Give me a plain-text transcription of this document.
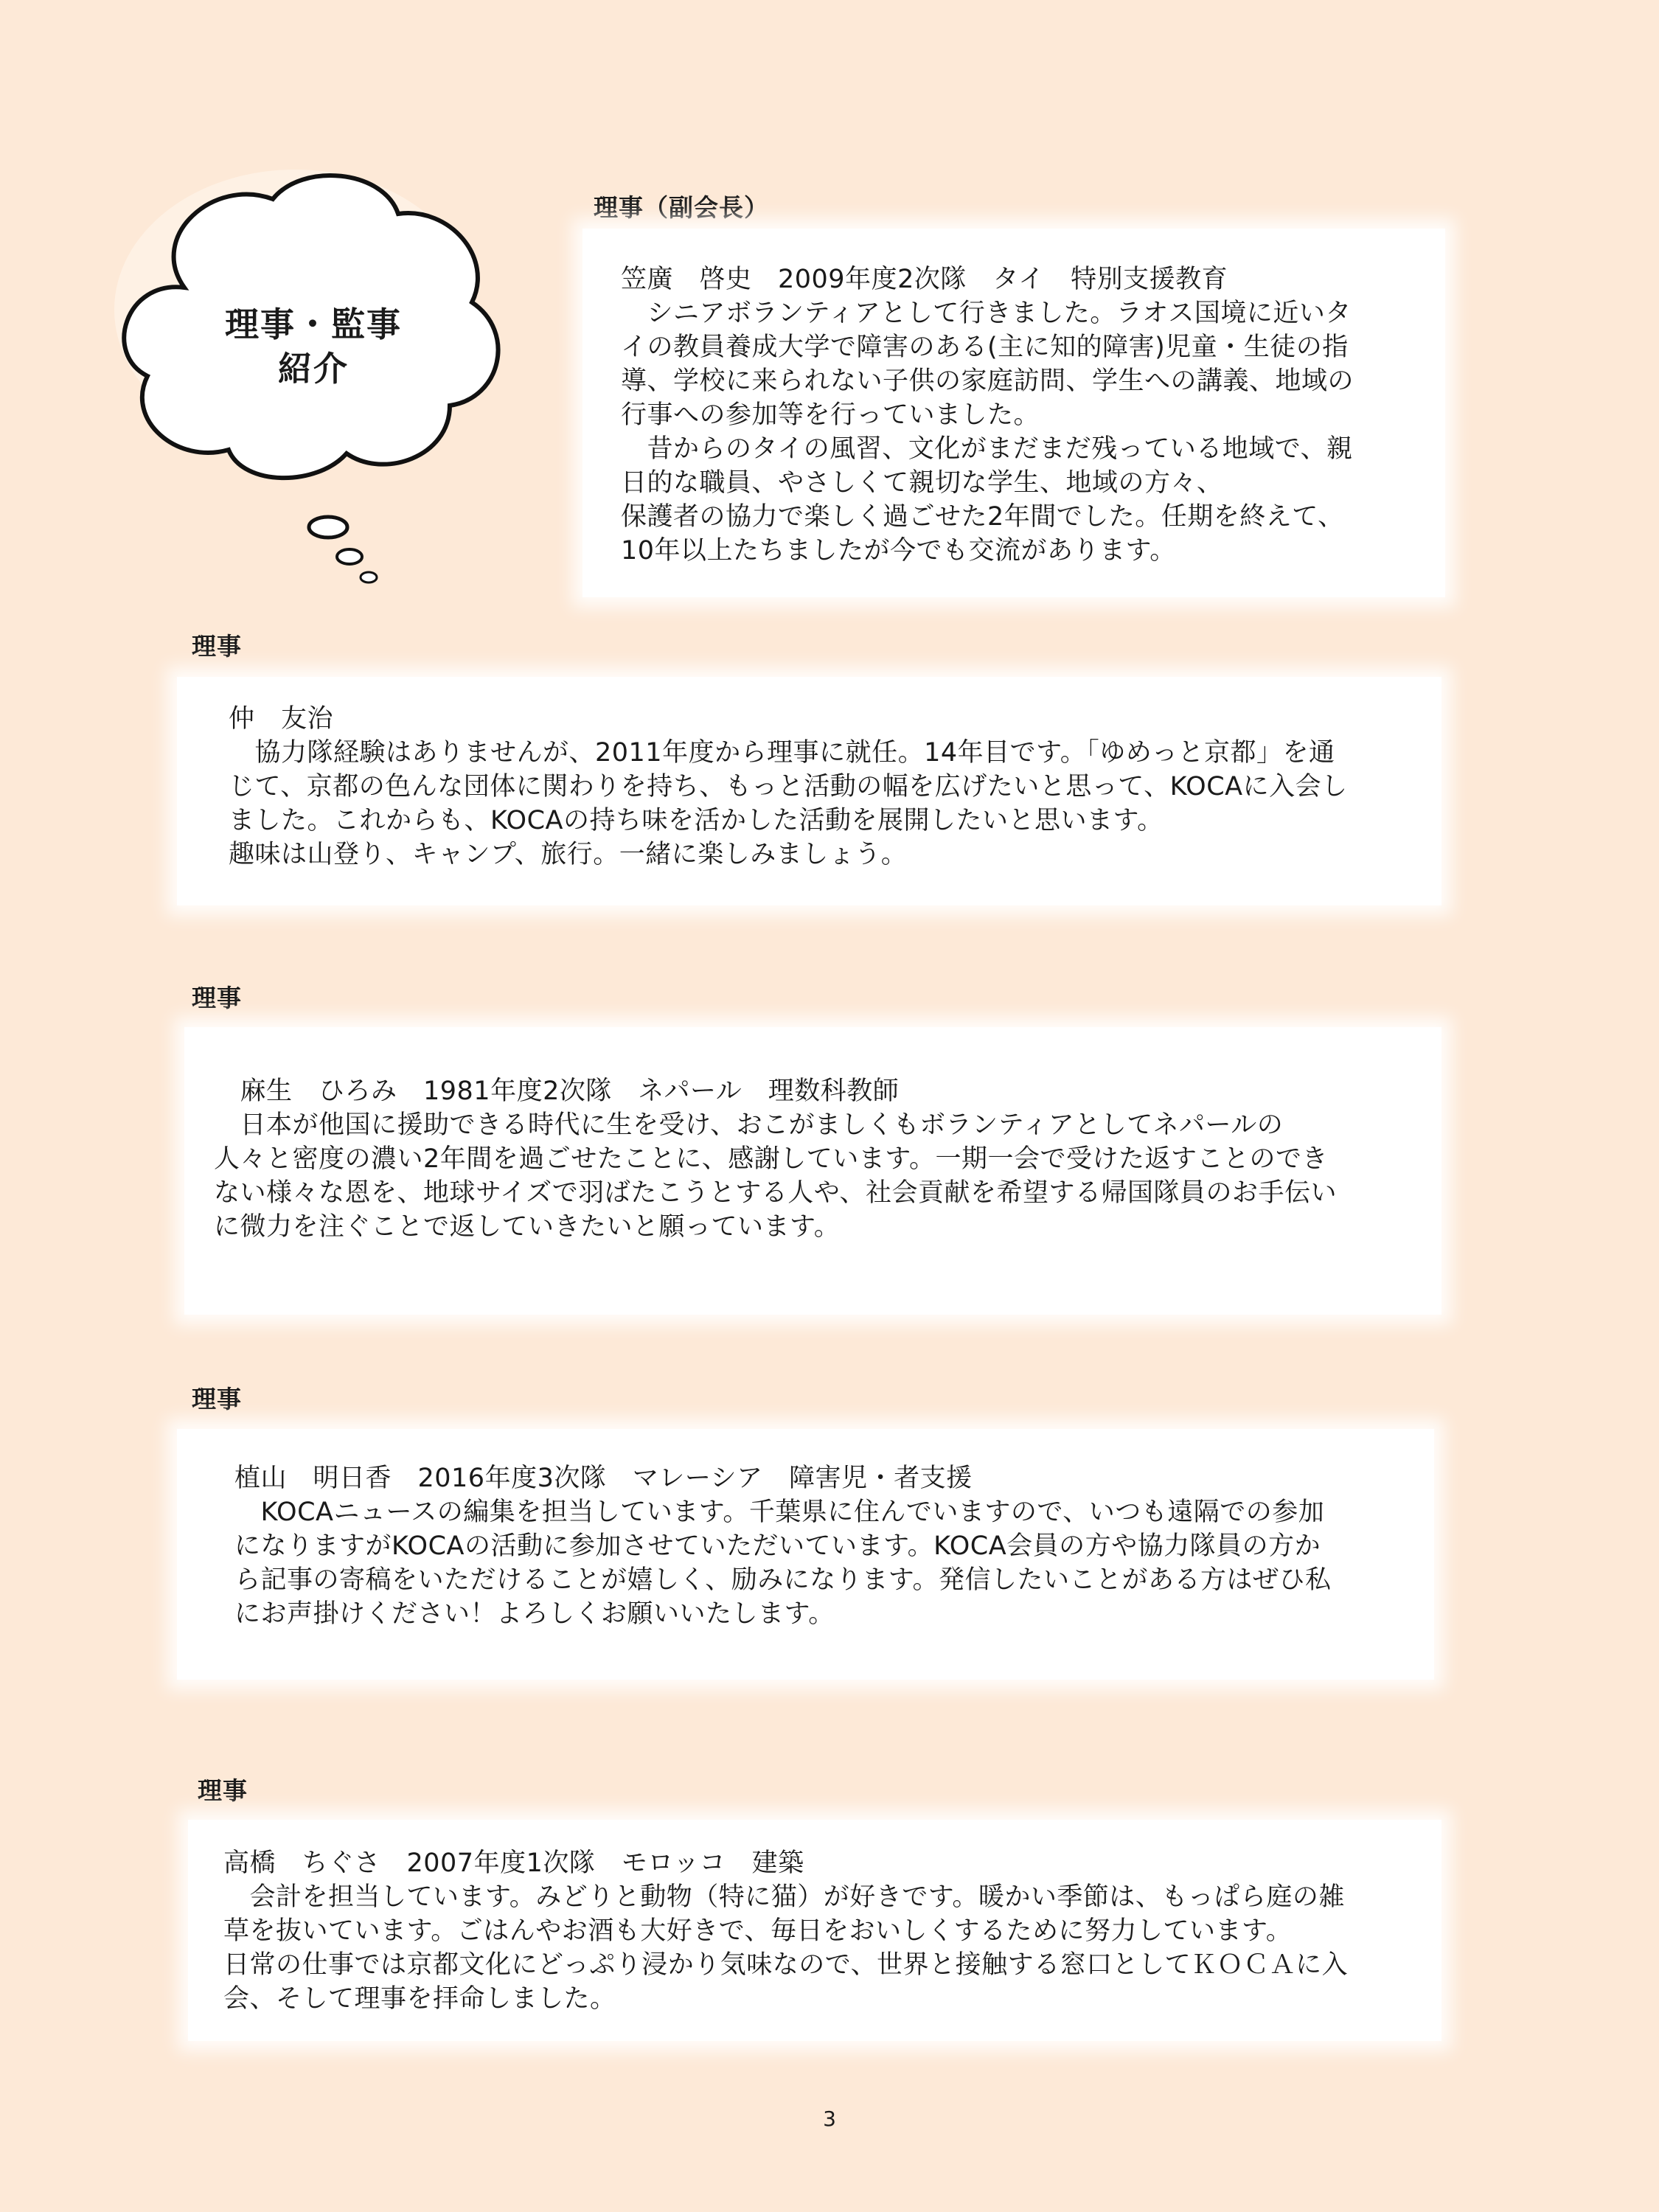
理事・監事
紹介
理事（副会長）
笠廣　啓史　2009年度2次隊　タイ　特別支援教育
　シニアボランティアとして行きました。ラオス国境に近いタ
イの教員養成大学で障害のある(主に知的障害)児童・生徒の指
導、学校に来られない子供の家庭訪問、学生への講義、地域の
行事への参加等を行っていました。
　昔からのタイの風習、文化がまだまだ残っている地域で、親
日的な職員、やさしくて親切な学生、地域の方々、
保護者の協力で楽しく過ごせた2年間でした。任期を終えて、
10年以上たちましたが今でも交流があります。
理事
仲　友治
　協力隊経験はありませんが、2011年度から理事に就任。14年目です。「ゆめっと京都」を通
じて、京都の色んな団体に関わりを持ち、もっと活動の幅を広げたいと思って、KOCAに入会し
ました。これからも、KOCAの持ち味を活かした活動を展開したいと思います。
趣味は山登り、キャンプ、旅行。一緒に楽しみましょう。
理事
　麻生　ひろみ　1981年度2次隊　ネパール　理数科教師
　日本が他国に援助できる時代に生を受け、おこがましくもボランティアとしてネパールの
人々と密度の濃い2年間を過ごせたことに、感謝しています。一期一会で受けた返すことのでき
ない様々な恩を、地球サイズで羽ばたこうとする人や、社会貢献を希望する帰国隊員のお手伝い
に微力を注ぐことで返していきたいと願っています。
理事
植山　明日香　2016年度3次隊　マレーシア　障害児・者支援
　KOCAニュースの編集を担当しています。千葉県に住んでいますので、いつも遠隔での参加
になりますがKOCAの活動に参加させていただいています。KOCA会員の方や協力隊員の方か
ら記事の寄稿をいただけることが嬉しく、励みになります。発信したいことがある方はぜひ私
にお声掛けください！よろしくお願いいたします。
理事
高橋　ちぐさ　2007年度1次隊　モロッコ　建築
　会計を担当しています。みどりと動物（特に猫）が好きです。暖かい季節は、もっぱら庭の雑
草を抜いています。ごはんやお酒も大好きで、毎日をおいしくするために努力しています。
日常の仕事では京都文化にどっぷり浸かり気味なので、世界と接触する窓口としてＫＯＣＡに入
会、そして理事を拝命しました。
3
